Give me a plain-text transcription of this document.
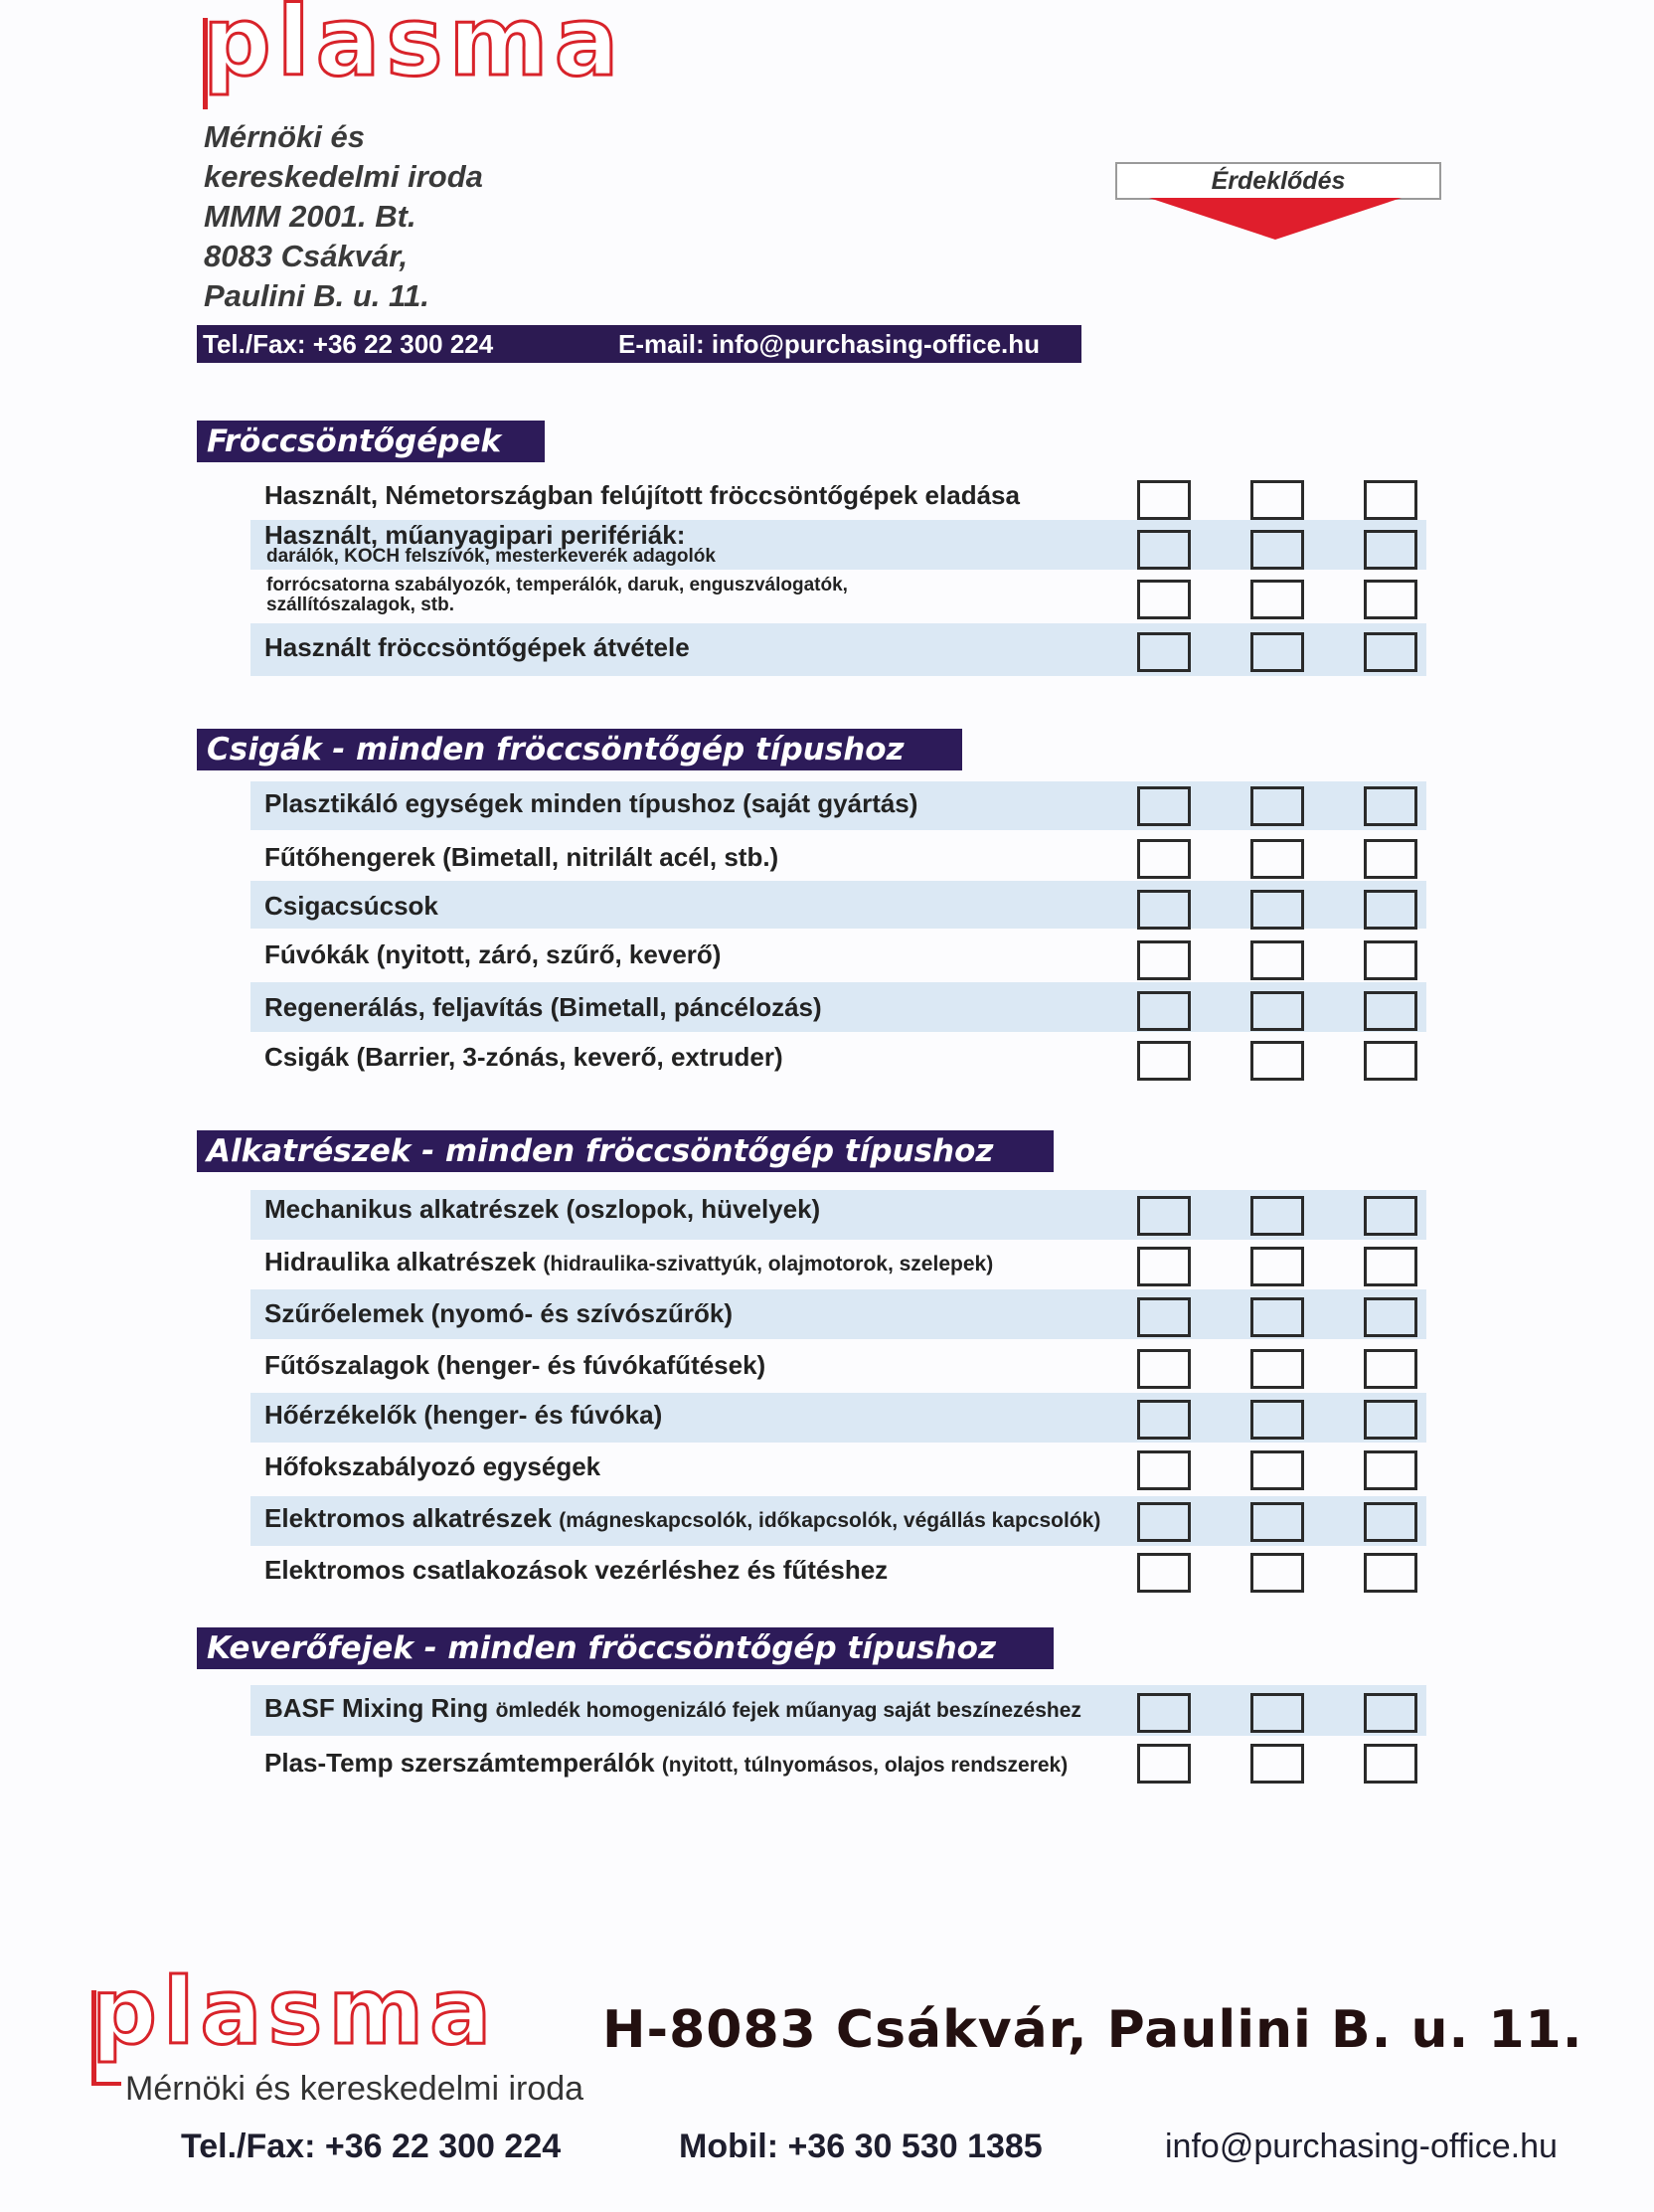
plasma
Mérnöki és
kereskedelmi iroda
MMM 2001. Bt.
8083 Csákvár,
Paulini B. u. 11.
Tel./Fax: +36 22 300 224	E-mail: info@purchasing-office.hu
Érdeklődés
Fröccsöntőgépek
Használt, Németországban felújított fröccsöntőgépek eladása
Használt, műanyagipari perifériák:
darálók, KOCH felszívók, mesterkeverék adagolók
forrócsatorna szabályozók, temperálók, daruk, enguszválogatók,
szállítószalagok, stb.
Használt fröccsöntőgépek átvétele
Csigák - minden fröccsöntőgép típushoz
Plasztikáló egységek minden típushoz (saját gyártás)
Fűtőhengerek (Bimetall, nitrilált acél, stb.)
Csigacsúcsok
Fúvókák (nyitott, záró, szűrő, keverő)
Regenerálás, feljavítás (Bimetall, páncélozás)
Csigák (Barrier, 3-zónás, keverő, extruder)
Alkatrészek - minden fröccsöntőgép típushoz
Mechanikus alkatrészek (oszlopok, hüvelyek)
Hidraulika alkatrészek (hidraulika-szivattyúk, olajmotorok, szelepek)
Szűrőelemek (nyomó- és szívószűrők)
Fűtőszalagok (henger- és fúvókafűtések)
Hőérzékelők (henger- és fúvóka)
Hőfokszabályozó egységek
Elektromos alkatrészek (mágneskapcsolók, időkapcsolók, végállás kapcsolók)
Elektromos csatlakozások vezérléshez és fűtéshez
Keverőfejek - minden fröccsöntőgép típushoz
BASF Mixing Ring ömledék homogenizáló fejek műanyag saját beszínezéshez
Plas-Temp szerszámtemperálók (nyitott, túlnyomásos, olajos rendszerek)
plasma H-8083 Csákvár, Paulini B. u. 11.
Mérnöki és kereskedelmi iroda
Tel./Fax: +36 22 300 224	Mobil: +36 30 530 1385	info@purchasing-office.hu
